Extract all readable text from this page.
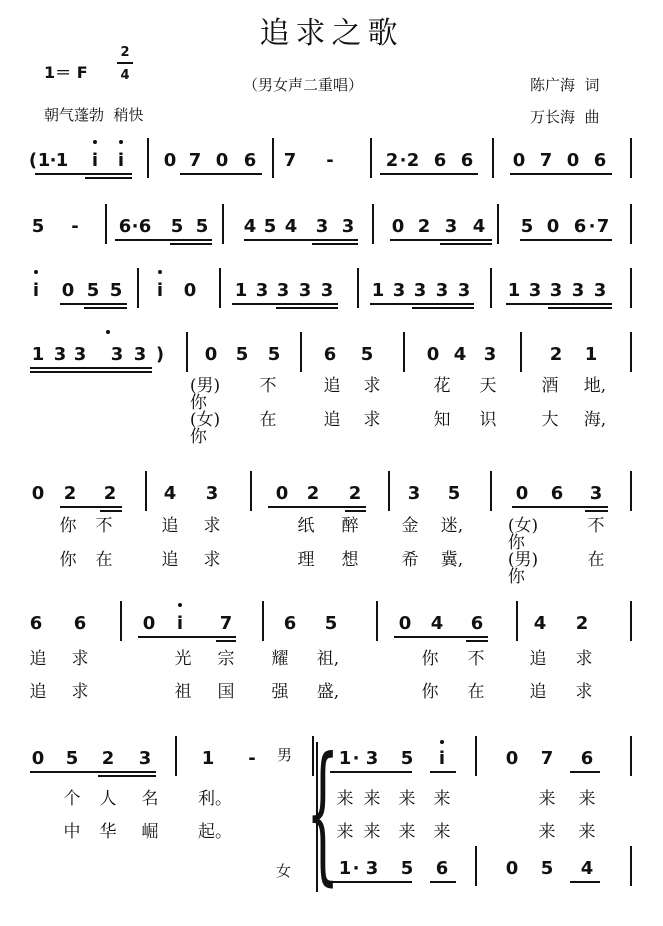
追求之歌
1＝ F
2
4
（男女声二重唱）	陈广海  词
朝气蓬勃  稍快	万长海  曲
( 1 · 1 i i 0 7 0 6 7 -	2 · 2 6 6 0 7 0 6
5 - 6 · 6 5 5 4 5 4 3 3 0 2 3 4 5 0 6 · 7
i 0 5 5 i 0 1 3 3 3 3 1 3 3 3 3 1 3 3 3 3
1 3 3 3 3 ) 0 5 5 6 5	0 4 3	2 1
0 2 2	4 3	0 2 2	3 5	0 6 3
6 6	0 i 7	6 5	0 4 6	4 2
0 5 2 3	1 -
(男)你
不	追 求	花 天	酒 地,
(女)你
在	追 求	知 识	大 海,
你 不	追 求	纸 醉	金 迷,	(女)你
不
你 在	追 求	理 想	希 冀,	(男)你
在
追 求	光 宗 耀 祖,	你 不	追 求
追 求	祖 国 强 盛,	你 在	追 求
个 人 名 利。
中 华 崛 起。
来 来 来 来	来 来
来 来 来 来	来 来
1 · 3 5 i	0 7 6
1 · 3 5 6	0 5 4
{
男
女
